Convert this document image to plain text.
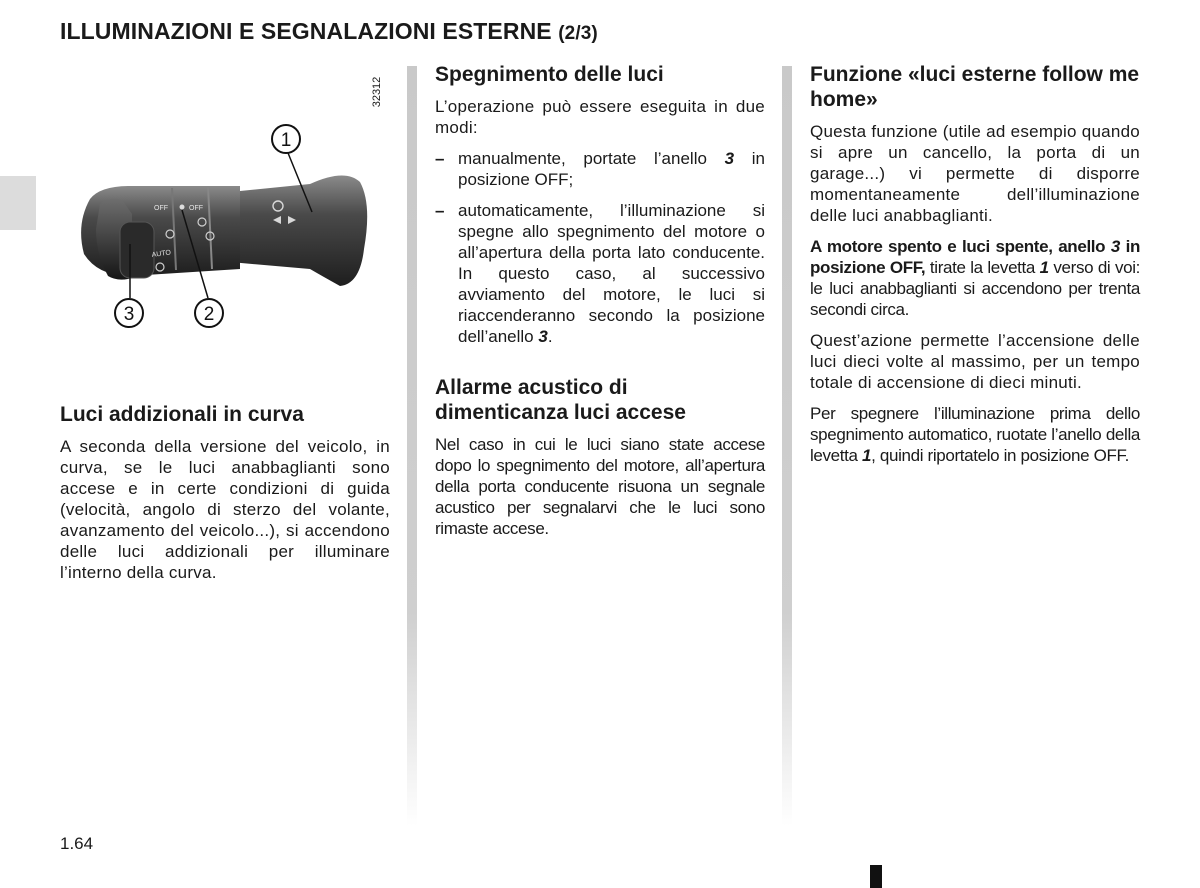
ILLUMINAZIONI E SEGNALAZIONI ESTERNE (2/3)
OFF	OFF
AUTO
1
2
3
32312
Luci addizionali in curva

A seconda della versione del veicolo, in curva, se le luci anabbaglianti sono accese e in certe condizioni di guida (velocità, angolo di sterzo del volante, avanzamento del veicolo...), si accendono delle luci addizionali per illuminare l’interno della curva.

Spegnimento delle luci

L’operazione può essere eseguita in due modi:

– manualmente, portate l’anello 3 in posizione OFF;
– automaticamente, l’illuminazione si spegne allo spegnimento del motore o all’apertura della porta lato conducente. In questo caso, al successivo avviamento del motore, le luci si riaccenderanno secondo la posizione dell’anello 3.
Allarme acustico di dimenticanza luci accese

Nel caso in cui le luci siano state accese dopo lo spegnimento del motore, all’apertura della porta conducente risuona un segnale acustico per segnalarvi che le luci sono rimaste accese.

Funzione «luci esterne follow me home»

Questa funzione (utile ad esempio quando si apre un cancello, la porta di un garage...) vi permette di disporre momentaneamente dell’illuminazione delle luci anabbaglianti.

A motore spento e luci spente, anello 3 in posizione OFF, tirate la levetta 1 verso di voi: le luci anabbaglianti si accendono per trenta secondi circa.

Quest’azione permette l’accensione delle luci dieci volte al massimo, per un tempo totale di accensione di dieci minuti.

Per spegnere l’illuminazione prima dello spegnimento automatico, ruotate l’anello della levetta 1, quindi riportatelo in posizione OFF.

1.64
